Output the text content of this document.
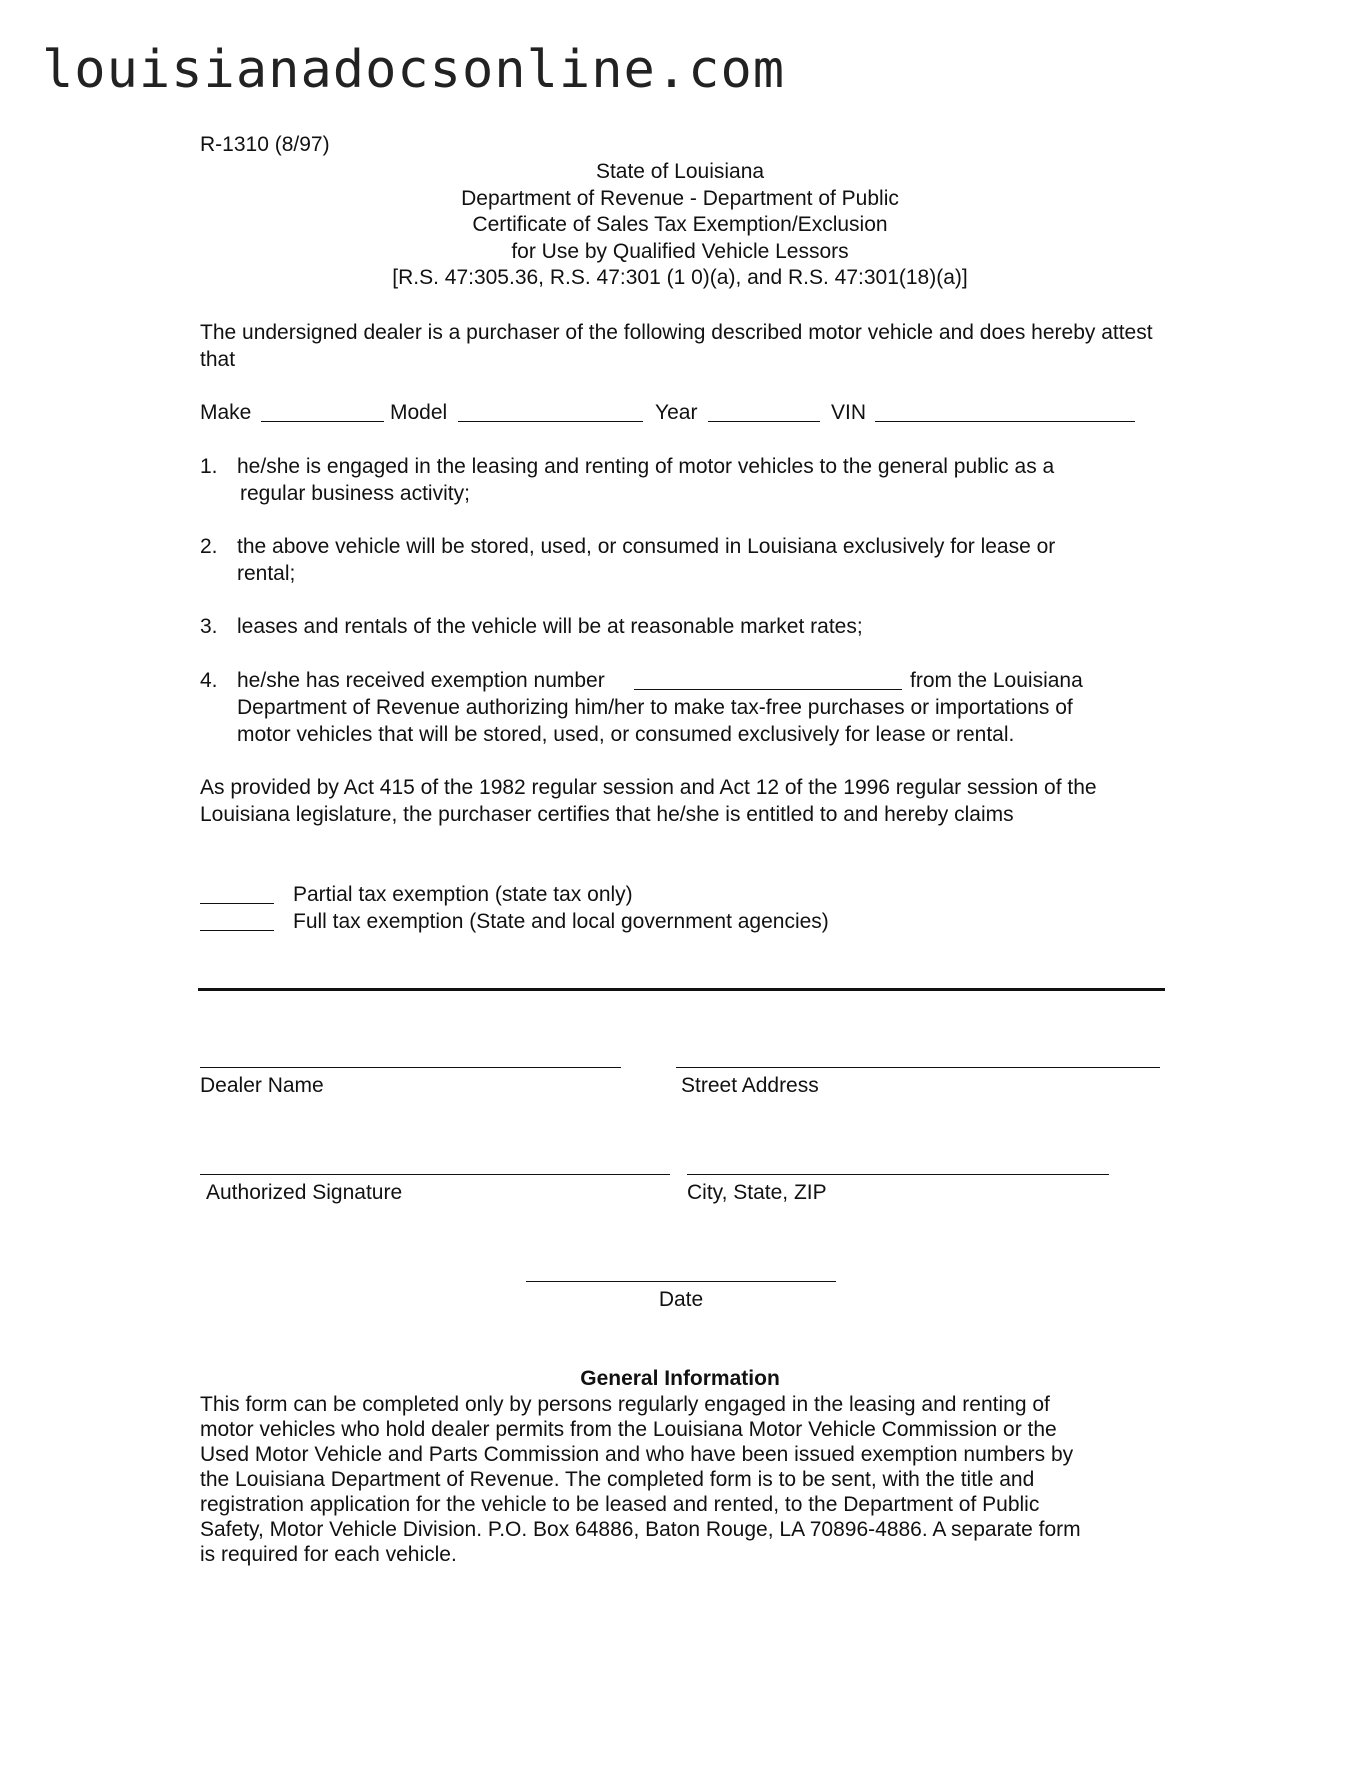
louisianadocsonline.com
R-1310 (8/97)
State of Louisiana
Department of Revenue - Department of Public
Certificate of Sales Tax Exemption/Exclusion
for Use by Qualified Vehicle Lessors
[R.S. 47:305.36, R.S. 47:301 (1 0)(a), and R.S. 47:301(18)(a)]
The undersigned dealer is a purchaser of the following described motor vehicle and does hereby attest that
Make	Model	Year	VIN
1. he/she is engaged in the leasing and renting of motor vehicles to the general public as a
regular business activity;
2. the above vehicle will be stored, used, or consumed in Louisiana exclusively for lease or
rental;
3. leases and rentals of the vehicle will be at reasonable market rates;
4. he/she has received exemption number	from the Louisiana
Department of Revenue authorizing him/her to make tax-free purchases or importations of
motor vehicles that will be stored, used, or consumed exclusively for lease or rental.
As provided by Act 415 of the 1982 regular session and Act 12 of the 1996 regular session of the
Louisiana legislature, the purchaser certifies that he/she is entitled to and hereby claims
Partial tax exemption (state tax only)
Full tax exemption (State and local government agencies)
Dealer Name	Street Address
Authorized Signature	City, State, ZIP
Date
General Information
This form can be completed only by persons regularly engaged in the leasing and renting of
motor vehicles who hold dealer permits from the Louisiana Motor Vehicle Commission or the
Used Motor Vehicle and Parts Commission and who have been issued exemption numbers by
the Louisiana Department of Revenue. The completed form is to be sent, with the title and
registration application for the vehicle to be leased and rented, to the Department of Public
Safety, Motor Vehicle Division. P.O. Box 64886, Baton Rouge, LA 70896-4886. A separate form
is required for each vehicle.
